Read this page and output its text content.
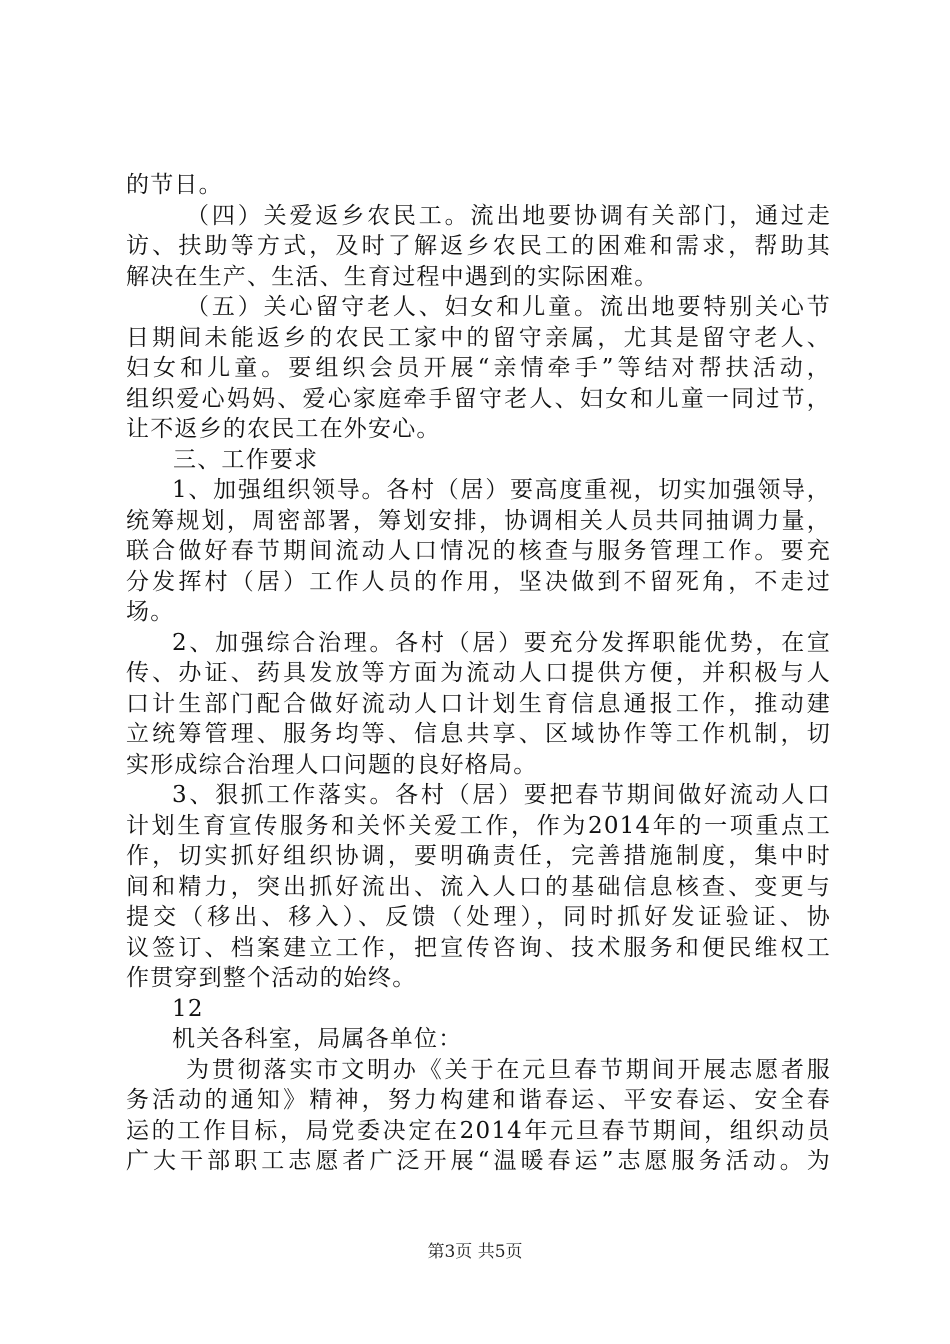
的节日。
（四）关爱返乡农民工。流出地要协调有关部门，通过走
访、扶助等方式，及时了解返乡农民工的困难和需求，帮助其
解决在生产、生活、生育过程中遇到的实际困难。
（五）关心留守老人、妇女和儿童。流出地要特别关心节
日期间未能返乡的农民工家中的留守亲属，尤其是留守老人、
妇女和儿童。要组织会员开展“亲情牵手”等结对帮扶活动，
组织爱心妈妈、爱心家庭牵手留守老人、妇女和儿童一同过节，
让不返乡的农民工在外安心。
三、工作要求
1、加强组织领导。各村（居）要高度重视，切实加强领导，
统筹规划，周密部署，筹划安排，协调相关人员共同抽调力量，
联合做好春节期间流动人口情况的核查与服务管理工作。要充
分发挥村（居）工作人员的作用，坚决做到不留死角，不走过
场。
2、加强综合治理。各村（居）要充分发挥职能优势，在宣
传、办证、药具发放等方面为流动人口提供方便，并积极与人
口计生部门配合做好流动人口计划生育信息通报工作，推动建
立统筹管理、服务均等、信息共享、区域协作等工作机制，切
实形成综合治理人口问题的良好格局。
3、狠抓工作落实。各村（居）要把春节期间做好流动人口
计划生育宣传服务和关怀关爱工作，作为2014年的一项重点工
作，切实抓好组织协调，要明确责任，完善措施制度，集中时
间和精力，突出抓好流出、流入人口的基础信息核查、变更与
提交（移出、移入）、反馈（处理），同时抓好发证验证、协
议签订、档案建立工作，把宣传咨询、技术服务和便民维权工
作贯穿到整个活动的始终。
12
机关各科室，局属各单位：
为贯彻落实市文明办《关于在元旦春节期间开展志愿者服
务活动的通知》精神，努力构建和谐春运、平安春运、安全春
运的工作目标，局党委决定在2014年元旦春节期间，组织动员
广大干部职工志愿者广泛开展“温暖春运”志愿服务活动。为
第3页 共5页
